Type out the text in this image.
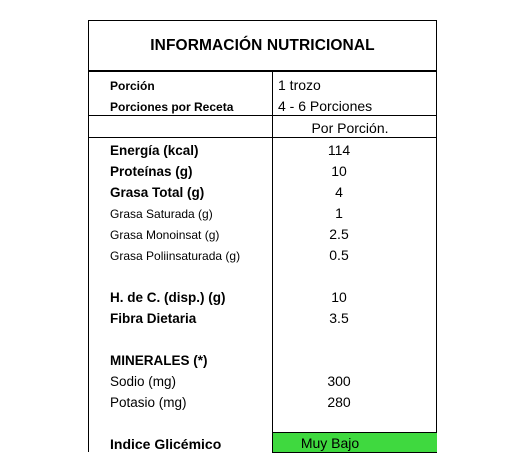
INFORMACIÓN NUTRICIONAL
Porción	1 trozo
Porciones por Receta	4 - 6 Porciones
Por Porción.
Energía (kcal)	114
Proteínas (g)	10
Grasa Total (g)	4
Grasa Saturada (g)	1
Grasa Monoinsat (g)	2.5
Grasa Poliinsaturada (g)	0.5
H. de C. (disp.) (g)	10
Fibra Dietaria	3.5
MINERALES (*)
Sodio (mg)	300
Potasio (mg)	280
Indice Glicémico	Muy Bajo
